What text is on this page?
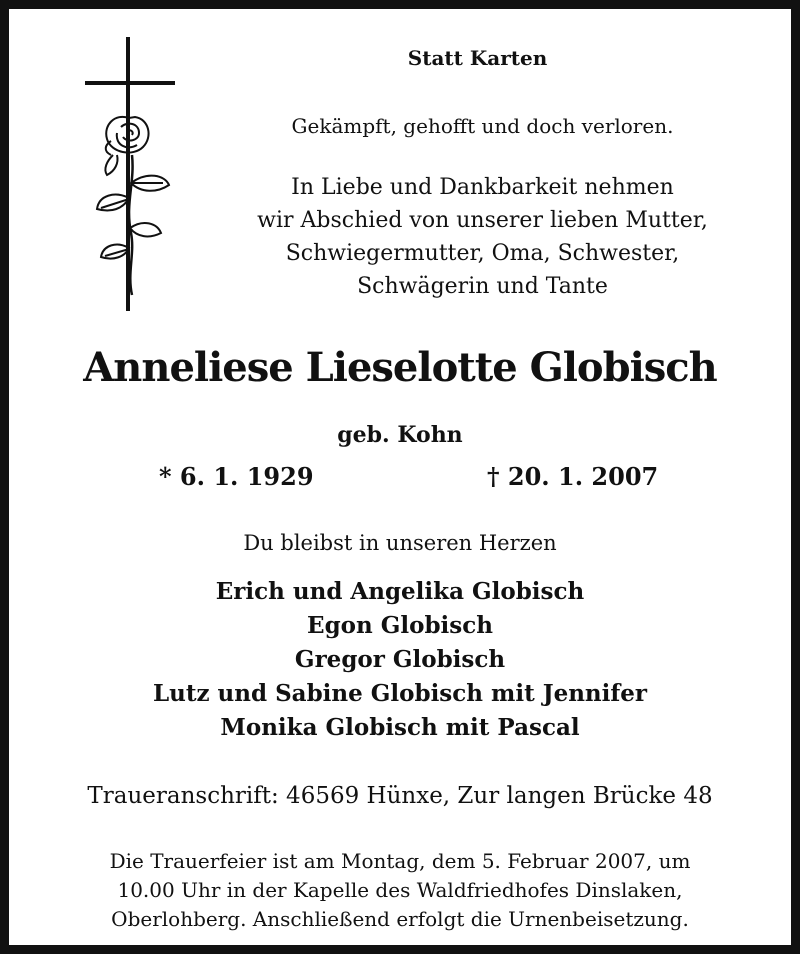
Statt Karten
Gekämpft, gehofft und doch verloren.
In Liebe und Dankbarkeit nehmen
wir Abschied von unserer lieben Mutter,
Schwiegermutter, Oma, Schwester,
Schwägerin und Tante
Anneliese Lieselotte Globisch
geb. Kohn
* 6. 1. 1929	† 20. 1. 2007
Du bleibst in unseren Herzen
Erich und Angelika Globisch
Egon Globisch
Gregor Globisch
Lutz und Sabine Globisch mit Jennifer
Monika Globisch mit Pascal
Traueranschrift: 46569 Hünxe, Zur langen Brücke 48
Die Trauerfeier ist am Montag, dem 5. Februar 2007, um
10.00 Uhr in der Kapelle des Waldfriedhofes Dinslaken,
Oberlohberg. Anschließend erfolgt die Urnenbeisetzung.
